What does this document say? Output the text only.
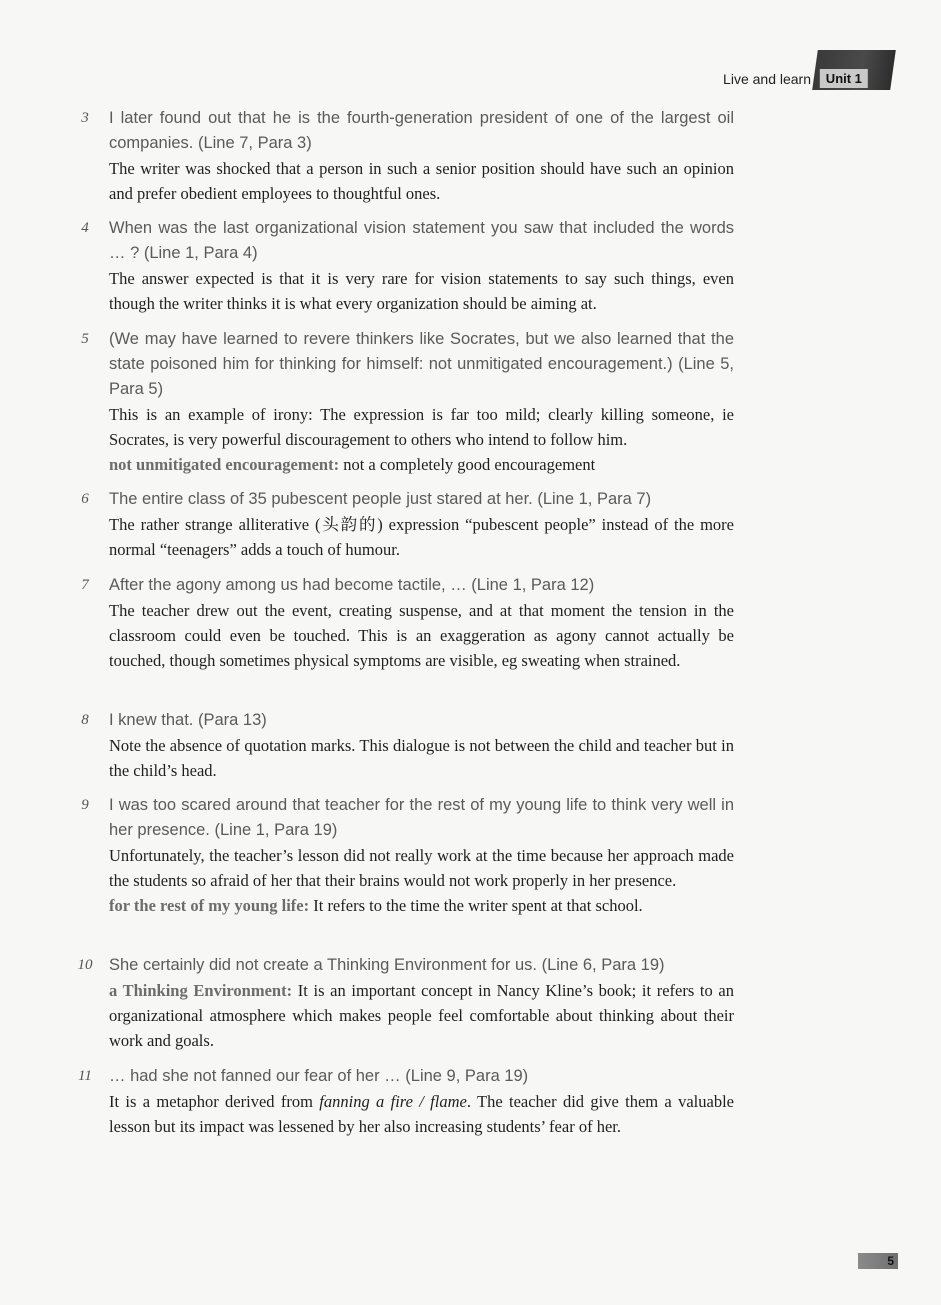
Live and learn	Unit 1
3	I later found out that he is the fourth-generation president of one of the largest oil companies. (Line 7, Para 3)

The writer was shocked that a person in such a senior position should have such an opinion and prefer obedient employees to thoughtful ones.

4	When was the last organizational vision statement you saw that included the words … ? (Line 1, Para 4)

The answer expected is that it is very rare for vision statements to say such things, even though the writer thinks it is what every organization should be aiming at.

5	(We may have learned to revere thinkers like Socrates, but we also learned that the state poisoned him for thinking for himself: not unmitigated encouragement.) (Line 5, Para 5)

This is an example of irony: The expression is far too mild; clearly killing someone, ie Socrates, is very powerful discouragement to others who intend to follow him.

not unmitigated encouragement: not a completely good encouragement

6	The entire class of 35 pubescent people just stared at her. (Line 1, Para 7)

The rather strange alliterative (头韵的) expression “pubescent people” instead of the more normal “teenagers” adds a touch of humour.

7	After the agony among us had become tactile, … (Line 1, Para 12)

The teacher drew out the event, creating suspense, and at that moment the tension in the classroom could even be touched. This is an exaggeration as agony cannot actually be touched, though sometimes physical symptoms are visible, eg sweating when strained.

8	I knew that. (Para 13)

Note the absence of quotation marks. This dialogue is not between the child and teacher but in the child’s head.

9	I was too scared around that teacher for the rest of my young life to think very well in her presence. (Line 1, Para 19)

Unfortunately, the teacher’s lesson did not really work at the time because her approach made the students so afraid of her that their brains would not work properly in her presence.

for the rest of my young life: It refers to the time the writer spent at that school.

10	She certainly did not create a Thinking Environment for us. (Line 6, Para 19)

a Thinking Environment: It is an important concept in Nancy Kline’s book; it refers to an organizational atmosphere which makes people feel comfortable about thinking about their work and goals.

11	… had she not fanned our fear of her … (Line 9, Para 19)

It is a metaphor derived from fanning a fire / flame. The teacher did give them a valuable lesson but its impact was lessened by her also increasing students’ fear of her.

5
